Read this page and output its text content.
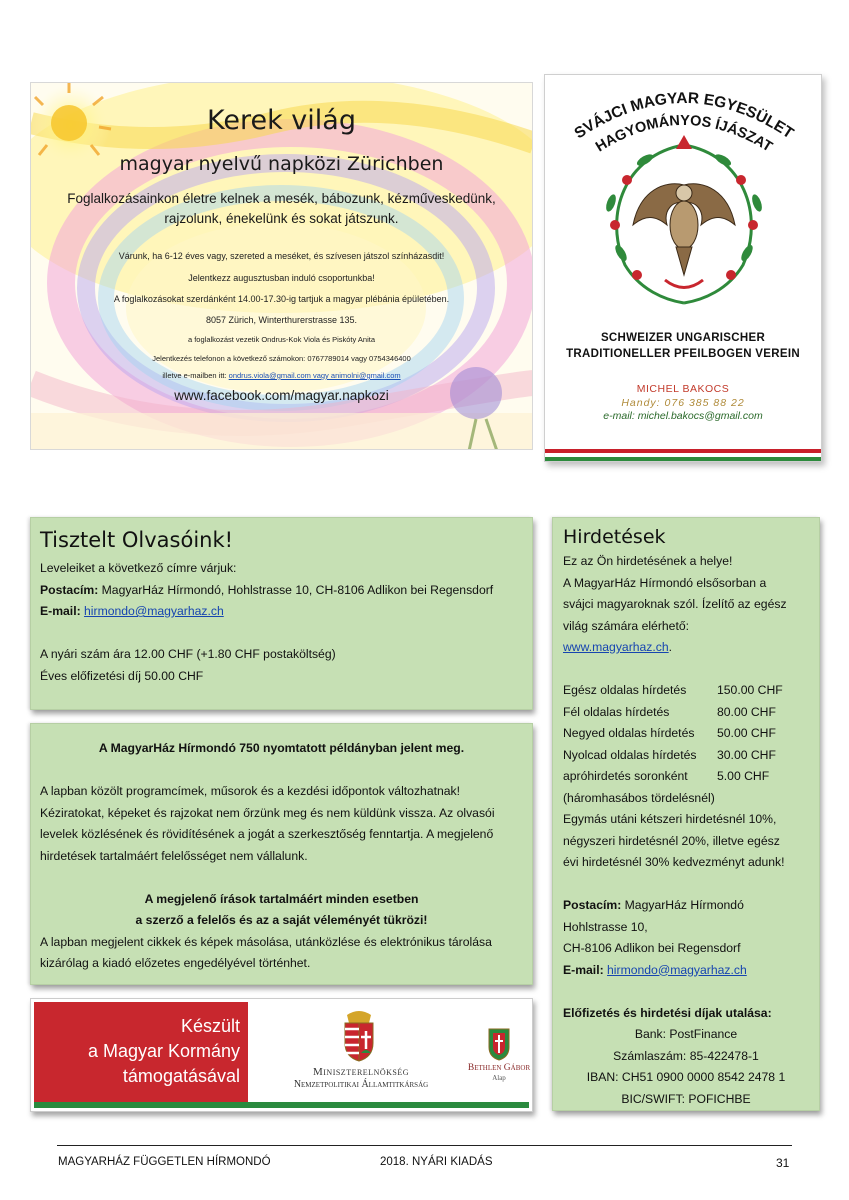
Kerek világ
magyar nyelvű napközi Zürichben
Foglalkozásainkon életre kelnek a mesék, bábozunk, kézműveskedünk,
rajzolunk, énekelünk és sokat játszunk.
Várunk, ha 6-12 éves vagy, szereted a meséket, és szívesen játszol színházasdit!
Jelentkezz augusztusban induló csoportunkba!
A foglalkozásokat szerdánként 14.00-17.30-ig tartjuk a magyar plébánia épületében.
8057 Zürich, Winterthurerstrasse 135.
a foglalkozást vezetik Ondrus-Kok Viola és Piskóty Anita
Jelentkezés telefonon a következő számokon: 0767789014 vagy 0754346400
illetve e-mailben itt: ondrus.viola@gmail.com vagy animolni@gmail.com
www.facebook.com/magyar.napkozi
SVÁJCI MAGYAR EGYESÜLET
HAGYOMÁNYOS ÍJÁSZAT
SCHWEIZER UNGARISCHER
TRADITIONELLER PFEILBOGEN VEREIN
MICHEL BAKOCS
Handy: 076 385 88 22
e-mail: michel.bakocs@gmail.com
Tisztelt Olvasóink!
Leveleiket a következő címre várjuk:
Postacím: MagyarHáz Hírmondó, Hohlstrasse 10, CH-8106 Adlikon bei Regensdorf
E-mail: hirmondo@magyarhaz.ch
A nyári szám ára 12.00 CHF (+1.80 CHF postaköltség)
Éves előfizetési díj 50.00 CHF
A MagyarHáz Hírmondó 750 nyomtatott példányban jelent meg.
A lapban közölt programcímek, műsorok és a kezdési időpontok változhatnak!
Kéziratokat, képeket és rajzokat nem őrzünk meg és nem küldünk vissza. Az olvasói
levelek közlésének és rövidítésének a jogát a szerkesztőség fenntartja. A megjelenő
hirdetések tartalmáért felelősséget nem vállalunk.
A megjelenő írások tartalmáért minden esetben
a szerző a felelős és az a saját véleményét tükrözi!
A lapban megjelent cikkek és képek másolása, utánközlése és elektrónikus tárolása
kizárólag a kiadó előzetes engedélyével történhet.
Készült
a Magyar Kormány
támogatásával	Miniszterelnökség
Nemzetpolitikai Államtitkárság
Bethlen Gábor
Alap
Hirdetések
Ez az Ön hirdetésének a helye!
A MagyarHáz Hírmondó elsősorban a
svájci magyaroknak szól. Ízelítő az egész
világ számára elérhető:
www.magyarhaz.ch.
Egész oldalas hírdetés	150.00 CHF
Fél oldalas hírdetés	80.00 CHF
Negyed oldalas hírdetés	50.00 CHF
Nyolcad oldalas hírdetés	30.00 CHF
apróhirdetés soronként	5.00 CHF
(háromhasábos tördelésnél)
Egymás utáni kétszeri hirdetésnél 10%,
négyszeri hirdetésnél 20%, illetve egész
évi hirdetésnél 30% kedvezményt adunk!
Postacím: MagyarHáz Hírmondó
Hohlstrasse 10,
CH-8106 Adlikon bei Regensdorf
E-mail: hirmondo@magyarhaz.ch
Előfizetés és hirdetési díjak utalása:
Bank: PostFinance
Számlaszám: 85-422478-1
IBAN: CH51 0900 0000 8542 2478 1
BIC/SWIFT: POFICHBE
MAGYARHÁZ FÜGGETLEN HÍRMONDÓ	2018. NYÁRI KIADÁS	31
